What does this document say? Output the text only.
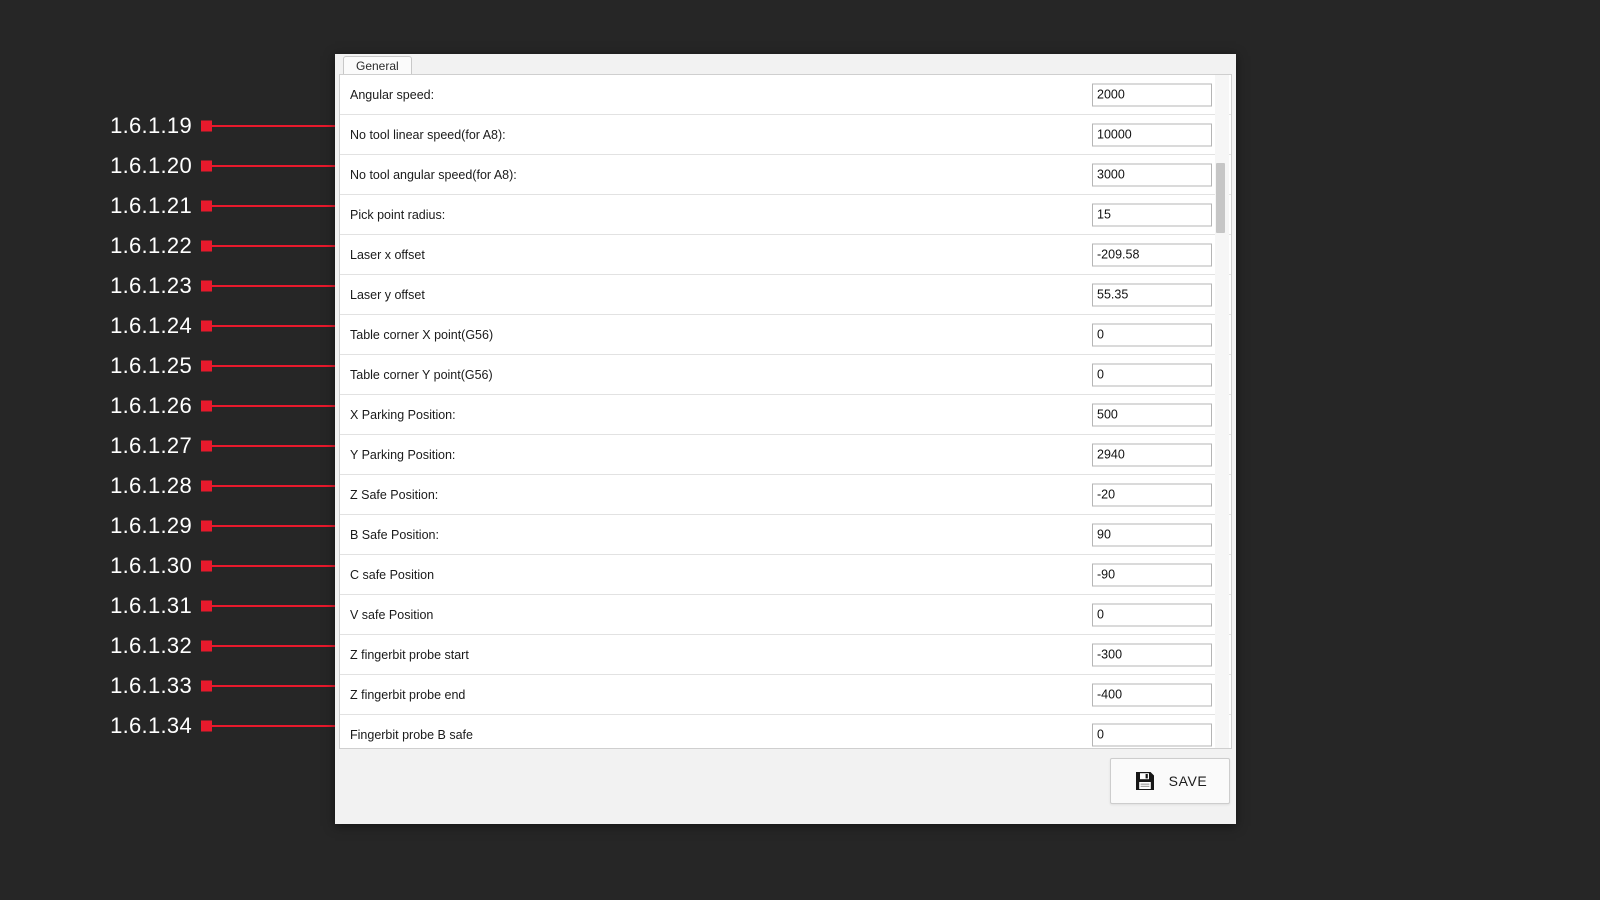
1.6.1.19
1.6.1.20
1.6.1.21
1.6.1.22
1.6.1.23
1.6.1.24
1.6.1.25
1.6.1.26
1.6.1.27
1.6.1.28
1.6.1.29
1.6.1.30
1.6.1.31
1.6.1.32
1.6.1.33
1.6.1.34
General
Angular speed:
2000
No tool linear speed(for A8):
10000
No tool angular speed(for A8):
3000
Pick point radius:
15
Laser x offset
-209.58
Laser y offset
55.35
Table corner X point(G56)
0
Table corner Y point(G56)
0
X Parking Position:
500
Y Parking Position:
2940
Z Safe Position:
-20
B Safe Position:
90
C safe Position
-90
V safe Position
0
Z fingerbit probe start
-300
Z fingerbit probe end
-400
Fingerbit probe B safe
0
SAVE
